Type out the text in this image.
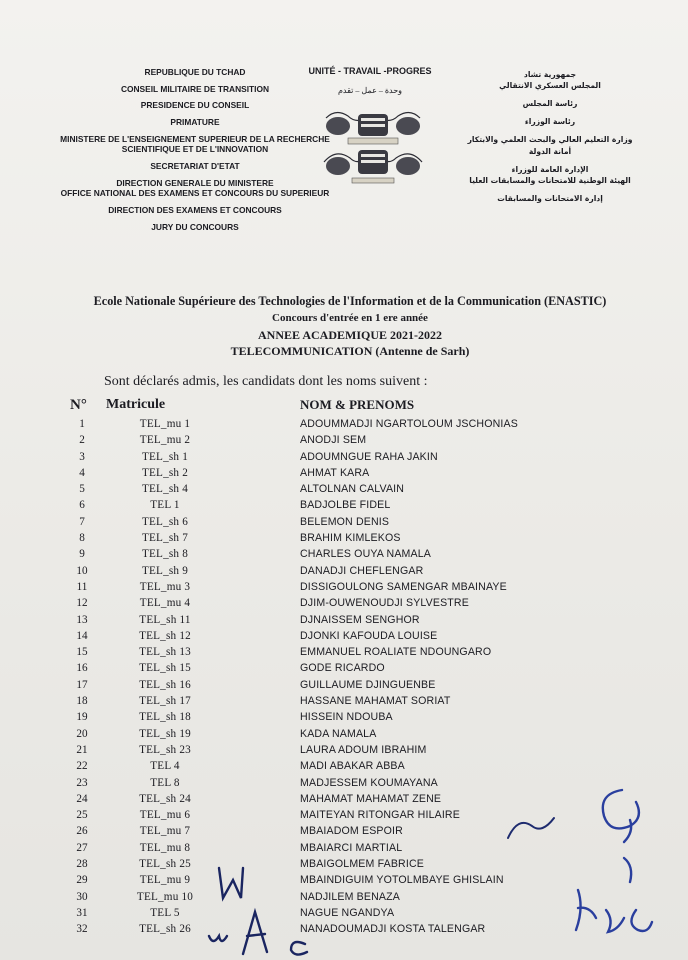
REPUBLIQUE DU TCHAD
CONSEIL MILITAIRE DE TRANSITION
PRESIDENCE DU CONSEIL
PRIMATURE
MINISTERE DE L'ENSEIGNEMENT SUPERIEUR DE LA RECHERCHE
SCIENTIFIQUE ET DE L'INNOVATION
SECRETARIAT D'ETAT
DIRECTION GENERALE DU MINISTERE
OFFICE NATIONAL DES EXAMENS ET CONCOURS DU SUPERIEUR
DIRECTION DES EXAMENS ET CONCOURS
JURY DU CONCOURS
UNITÉ - TRAVAIL -PROGRES
وحدة – عمل – تقدم
جمهورية تشاد
المجلس العسكري الانتقالي
رئاسة المجلس
رئاسة الوزراء
وزارة التعليم العالي والبحث العلمي والابتكار
أمانة الدولة
الإدارة العامة للوزراء
الهيئة الوطنية للامتحانات والمسابقات العليا
إدارة الامتحانات والمسابقات
Ecole Nationale Supérieure des Technologies de l'Information et de la Communication (ENASTIC)
Concours d'entrée en 1 ere année
ANNEE ACADEMIQUE 2021-2022
TELECOMMUNICATION (Antenne de Sarh)
Sont déclarés admis, les candidats dont les noms suivent :
N° Matricule	NOM & PRENOMS
1	TEL_mu 1	ADOUMMADJI NGARTOLOUM JSCHONIAS
2	TEL_mu 2	ANODJI SEM
3	TEL_sh 1	ADOUMNGUE RAHA JAKIN
4	TEL_sh 2	AHMAT KARA
5	TEL_sh 4	ALTOLNAN CALVAIN
6	TEL 1	BADJOLBE FIDEL
7	TEL_sh 6	BELEMON DENIS
8	TEL_sh 7	BRAHIM KIMLEKOS
9	TEL_sh 8	CHARLES OUYA NAMALA
10	TEL_sh 9	DANADJI CHEFLENGAR
11	TEL_mu 3	DISSIGOULONG SAMENGAR MBAINAYE
12	TEL_mu 4	DJIM-OUWENOUDJI SYLVESTRE
13	TEL_sh 11	DJNAISSEM SENGHOR
14	TEL_sh 12	DJONKI KAFOUDA LOUISE
15	TEL_sh 13	EMMANUEL ROALIATE NDOUNGARO
16	TEL_sh 15	GODE RICARDO
17	TEL_sh 16	GUILLAUME DJINGUENBE
18	TEL_sh 17	HASSANE MAHAMAT SORIAT
19	TEL_sh 18	HISSEIN NDOUBA
20	TEL_sh 19	KADA NAMALA
21	TEL_sh 23	LAURA ADOUM IBRAHIM
22	TEL 4	MADI ABAKAR ABBA
23	TEL 8	MADJESSEM KOUMAYANA
24	TEL_sh 24	MAHAMAT MAHAMAT ZENE
25	TEL_mu 6	MAITEYAN RITONGAR HILAIRE
26	TEL_mu 7	MBAIADOM ESPOIR
27	TEL_mu 8	MBAIARCI MARTIAL
28	TEL_sh 25	MBAIGOLMEM FABRICE
29	TEL_mu 9	MBAINDIGUIM YOTOLMBAYE GHISLAIN
30	TEL_mu 10	NADJILEM BENAZA
31	TEL 5	NAGUE NGANDYA
32	TEL_sh 26	NANADOUMADJI KOSTA TALENGAR
